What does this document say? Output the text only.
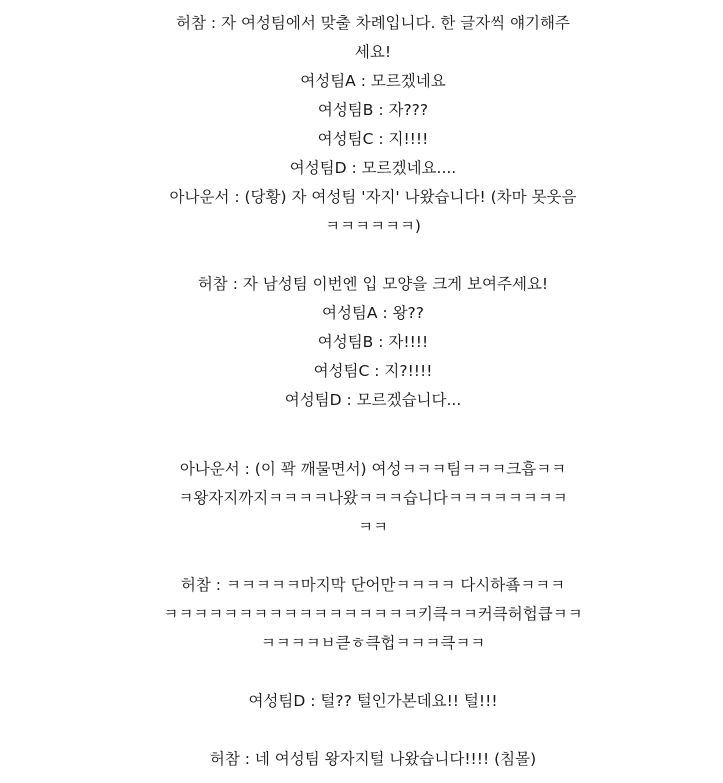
허참 : 자 여성팀에서 맞출 차례입니다. 한 글자씩 얘기해주

세요!

여성팀A : 모르겠네요

여성팀B : 자???

여성팀C : 지!!!!

여성팀D : 모르겠네요....

아나운서 : (당황) 자 여성팀 '자지' 나왔습니다! (차마 못웃음

ㅋㅋㅋㅋㅋㅋ)

허참 : 자 남성팀 이번엔 입 모양을 크게 보여주세요!

여성팀A : 왕??

여성팀B : 자!!!!

여성팀C : 지?!!!!

여성팀D : 모르겠습니다...

아나운서 : (이 꽉 깨물면서) 여성ㅋㅋㅋ팀ㅋㅋㅋ크흡ㅋㅋ

ㅋ왕자지까지ㅋㅋㅋㅋ나왔ㅋㅋㅋ습니다ㅋㅋㅋㅋㅋㅋㅋㅋ

ㅋㅋ

허참 : ㅋㅋㅋㅋㅋ마지막 단어만ㅋㅋㅋㅋ 다시하죸ㅋㅋㅋ

ㅋㅋㅋㅋㅋㅋㅋㅋㅋㅋㅋㅋㅋㅋㅋㅋㅋ키큭ㅋㅋ커큭허헙큽ㅋㅋ

ㅋㅋㅋㅋㅂ큳ㅎ큭헙ㅋㅋㅋ큭ㅋㅋ

여성팀D : 털?? 털인가본데요!! 털!!!

허참 : 네 여성팀 왕자지털 나왔습니다!!!! (침몰)
